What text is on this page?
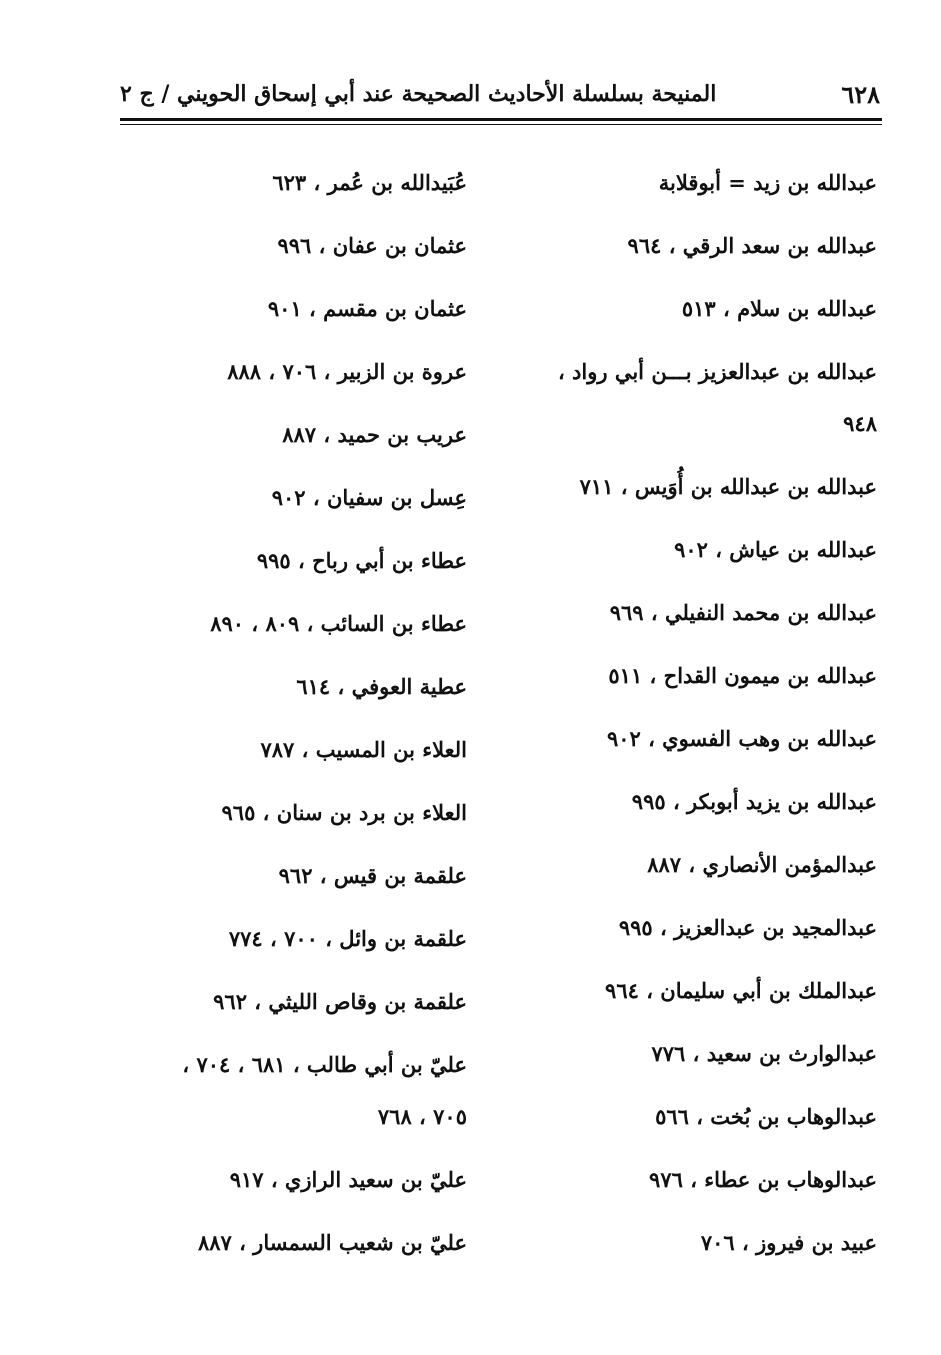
٦٢٨
المنيحة بسلسلة الأحاديث الصحيحة عند أبي إسحاق الحويني / ج ٢
عبدالله بن زيد = أبوقلابة
عبدالله بن سعد الرقي ، ٩٦٤
عبدالله بن سلام ، ٥١٣
عبدالله بن عبدالعزيز بـــن أبي رواد ،
٩٤٨
عبدالله بن عبدالله بن أُوَيس ، ٧١١
عبدالله بن عياش ، ٩٠٢
عبدالله بن محمد النفيلي ، ٩٦٩
عبدالله بن ميمون القداح ، ٥١١
عبدالله بن وهب الفسوي ، ٩٠٢
عبدالله بن يزيد أبوبكر ، ٩٩٥
عبدالمؤمن الأنصاري ، ٨٨٧
عبدالمجيد بن عبدالعزيز ، ٩٩٥
عبدالملك بن أبي سليمان ، ٩٦٤
عبدالوارث بن سعيد ، ٧٧٦
عبدالوهاب بن بُخت ، ٥٦٦
عبدالوهاب بن عطاء ، ٩٧٦
عبيد بن فيروز ، ٧٠٦
عُبَيدالله بن عُمر ، ٦٢٣
عثمان بن عفان ، ٩٩٦
عثمان بن مقسم ، ٩٠١
عروة بن الزبير ، ٧٠٦ ، ٨٨٨
عريب بن حميد ، ٨٨٧
عِسل بن سفيان ، ٩٠٢
عطاء بن أبي رباح ، ٩٩٥
عطاء بن السائب ، ٨٠٩ ، ٨٩٠
عطية العوفي ، ٦١٤
العلاء بن المسيب ، ٧٨٧
العلاء بن برد بن سنان ، ٩٦٥
علقمة بن قيس ، ٩٦٢
علقمة بن وائل ، ٧٠٠ ، ٧٧٤
علقمة بن وقاص الليثي ، ٩٦٢
عليّ بن أبي طالب ، ٦٨١ ، ٧٠٤ ،
٧٠٥ ، ٧٦٨
عليّ بن سعيد الرازي ، ٩١٧
عليّ بن شعيب السمسار ، ٨٨٧
